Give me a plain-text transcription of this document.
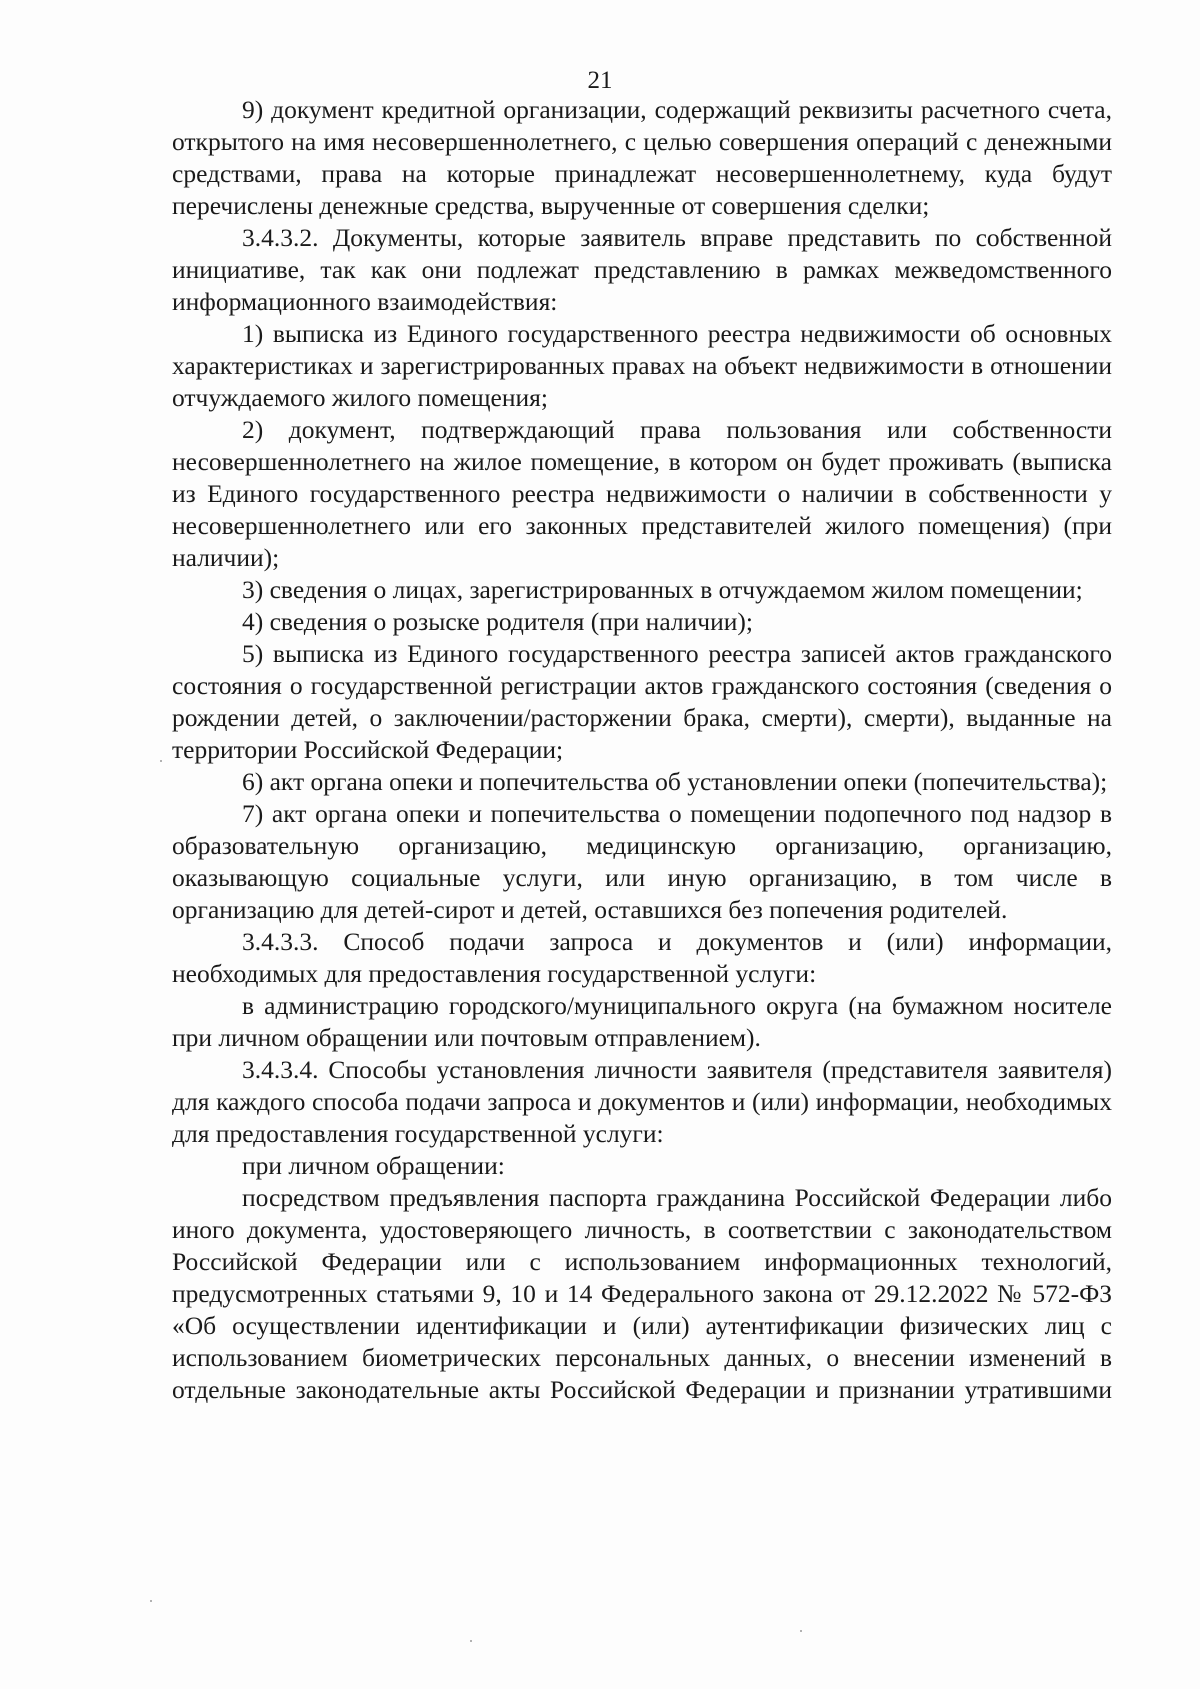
21

9) документ кредитной организации, содержащий реквизиты расчетного счета, открытого на имя несовершеннолетнего, с целью совершения операций с денежными средствами, права на которые принадлежат несовершеннолетнему, куда будут перечислены денежные средства, вырученные от совершения сделки;

3.4.3.2. Документы, которые заявитель вправе представить по собственной инициативе, так как они подлежат представлению в рамках межведомственного информационного взаимодействия:

1) выписка из Единого государственного реестра недвижимости об основных характеристиках и зарегистрированных правах на объект недвижимости в отношении отчуждаемого жилого помещения;

2) документ, подтверждающий права пользования или собственности несовершеннолетнего на жилое помещение, в котором он будет проживать (выписка из Единого государственного реестра недвижимости о наличии в собственности у несовершеннолетнего или его законных представителей жилого помещения) (при наличии);

3) сведения о лицах, зарегистрированных в отчуждаемом жилом помещении;

4) сведения о розыске родителя (при наличии);

5) выписка из Единого государственного реестра записей актов гражданского состояния о государственной регистрации актов гражданского состояния (сведения о рождении детей, о заключении/расторжении брака, смерти), смерти), выданные на территории Российской Федерации;

6) акт органа опеки и попечительства об установлении опеки (попечительства);

7) акт органа опеки и попечительства о помещении подопечного под надзор в образовательную организацию, медицинскую организацию, организацию, оказывающую социальные услуги, или иную организацию, в том числе в организацию для детей-сирот и детей, оставшихся без попечения родителей.

3.4.3.3. Способ подачи запроса и документов и (или) информации, необходимых для предоставления государственной услуги:

в администрацию городского/муниципального округа (на бумажном носителе при личном обращении или почтовым отправлением).

3.4.3.4. Способы установления личности заявителя (представителя заявителя) для каждого способа подачи запроса и документов и (или) информации, необходимых для предоставления государственной услуги:

при личном обращении:

посредством предъявления паспорта гражданина Российской Федерации либо иного документа, удостоверяющего личность, в соответствии с законодательством Российской Федерации или с использованием информационных технологий, предусмотренных статьями 9, 10 и 14 Федерального закона от 29.12.2022 № 572-ФЗ «Об осуществлении идентификации и (или) аутентификации физических лиц с использованием биометрических персональных данных, о внесении изменений в отдельные законодательные акты Российской Федерации и признании утратившими
